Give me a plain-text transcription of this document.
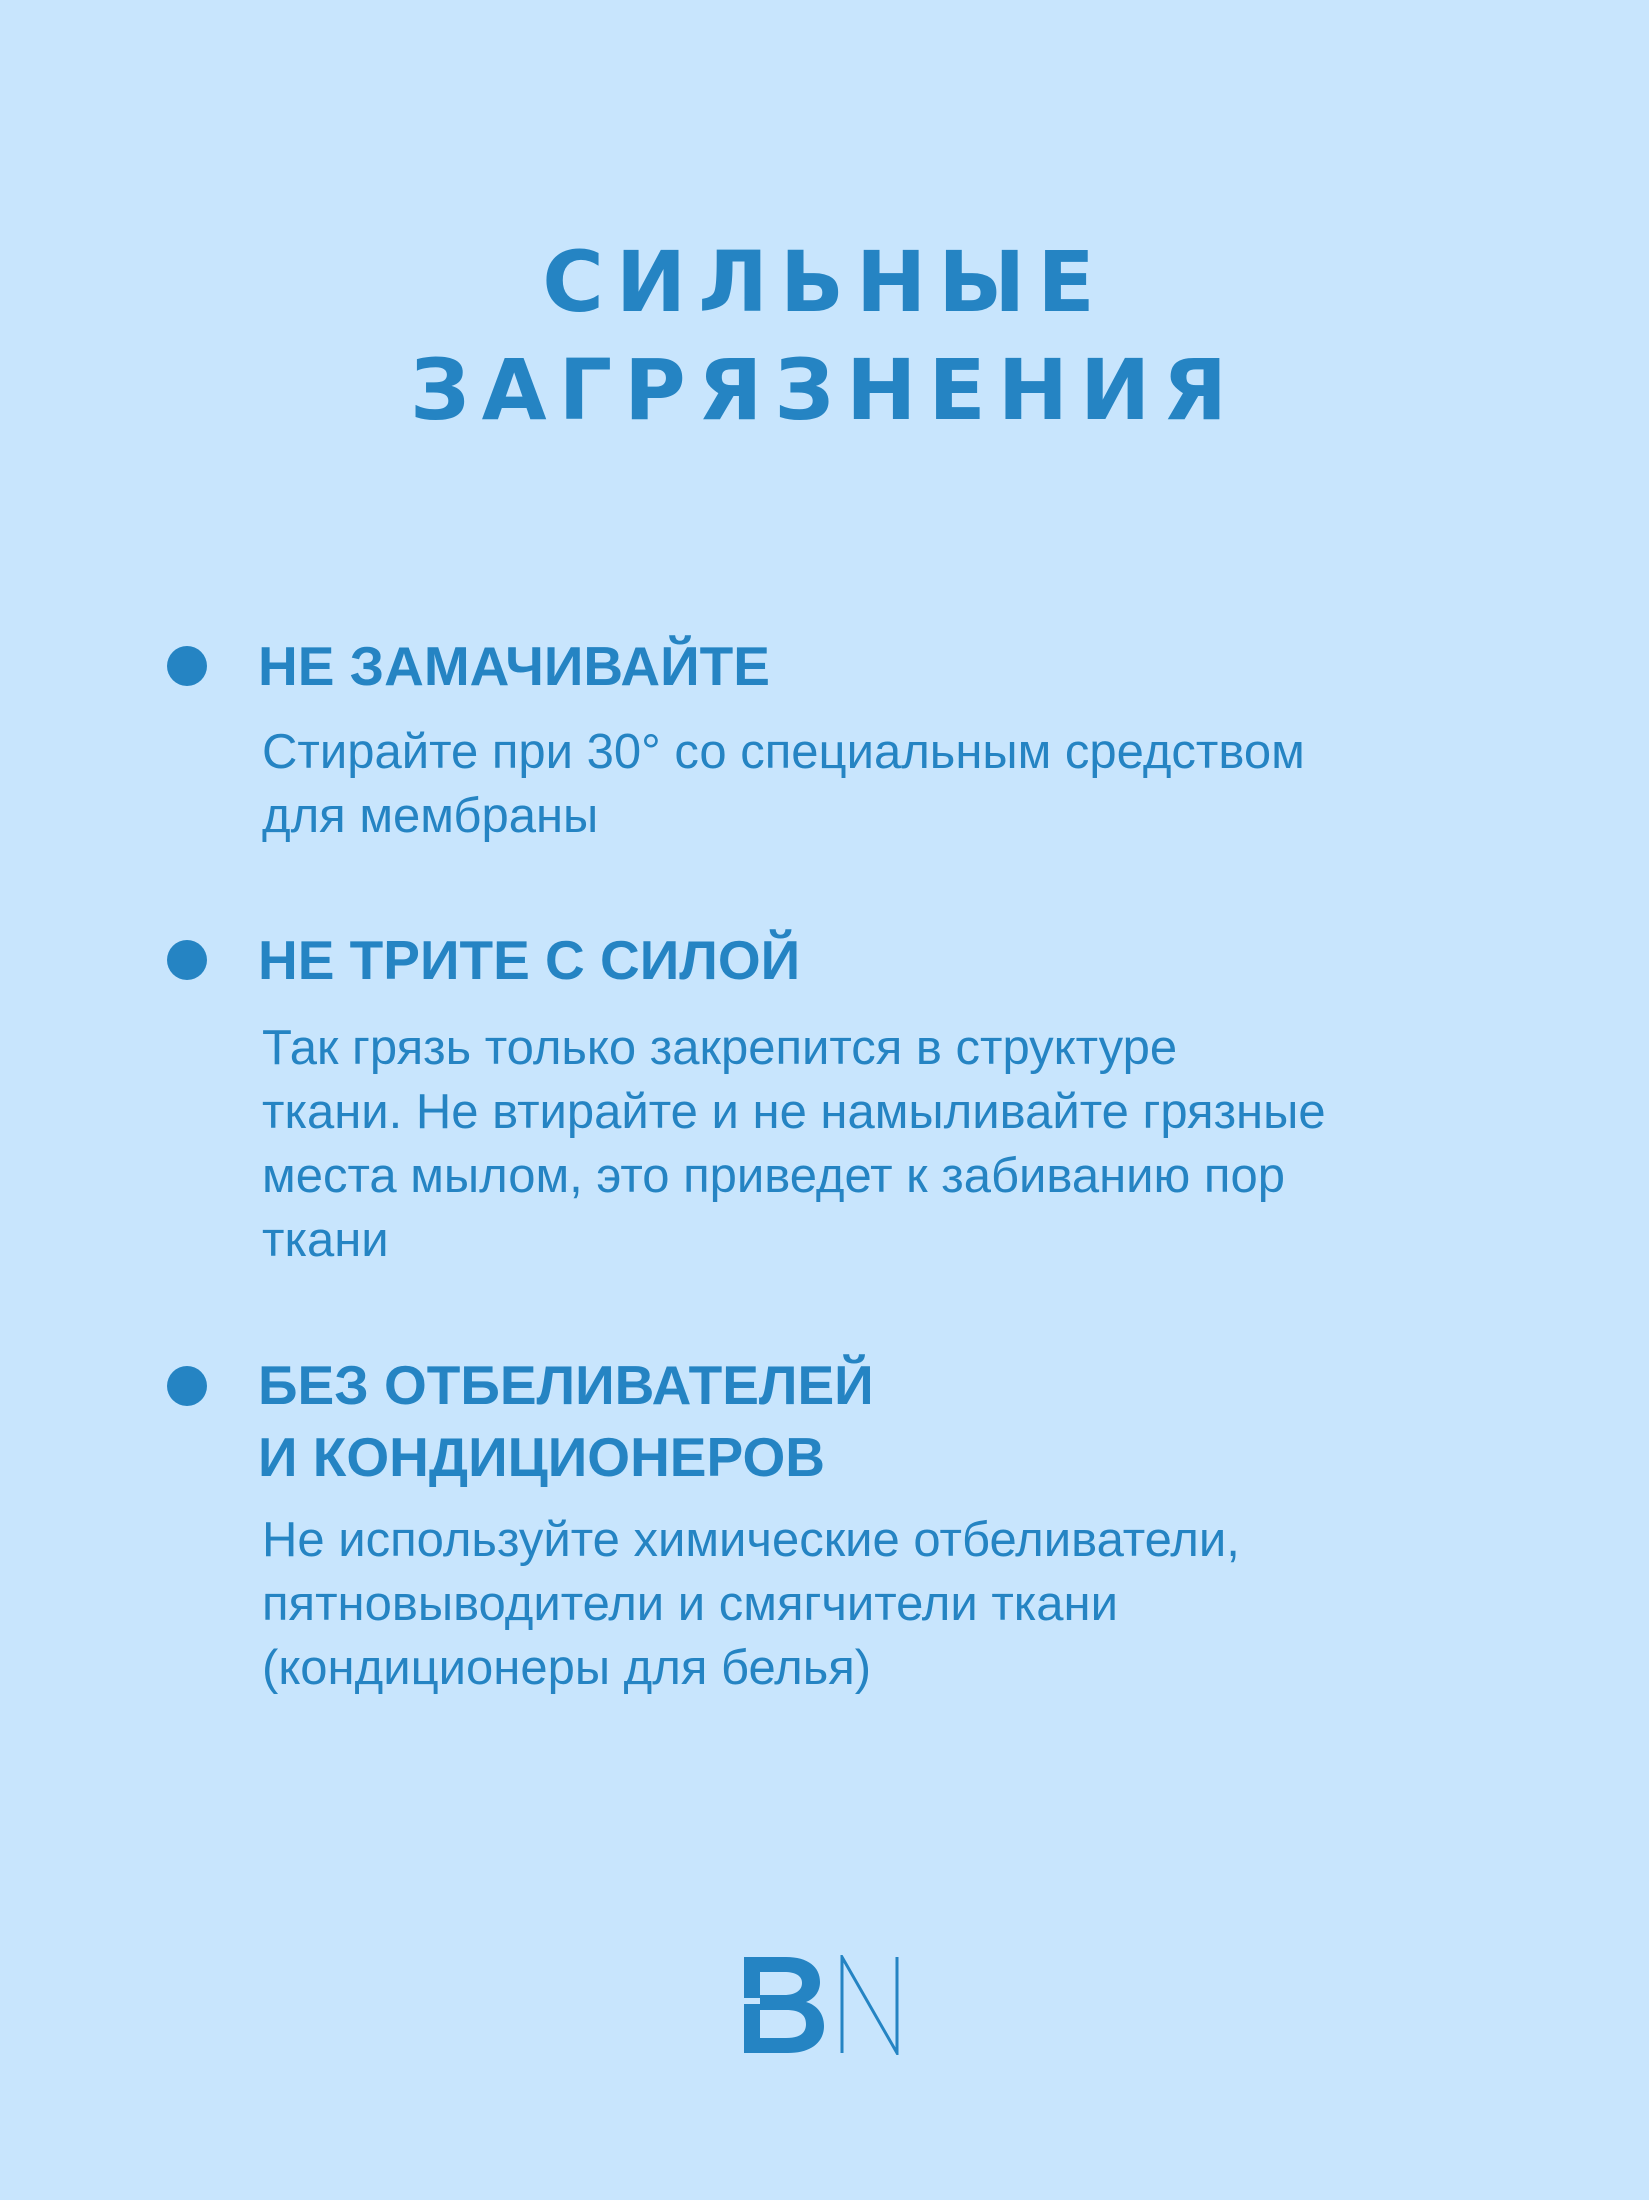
СИЛЬНЫЕ
ЗАГРЯЗНЕНИЯ
НЕ ЗАМАЧИВАЙТЕ
Стирайте при 30° со специальным средством
для мембраны
НЕ ТРИТЕ С СИЛОЙ
Так грязь только закрепится в структуре
ткани. Не втирайте и не намыливайте грязные
места мылом, это приведет к забиванию пор
ткани
БЕЗ ОТБЕЛИВАТЕЛЕЙ
И КОНДИЦИОНЕРОВ
Не используйте химические отбеливатели,
пятновыводители и смягчители ткани
(кондиционеры для белья)
